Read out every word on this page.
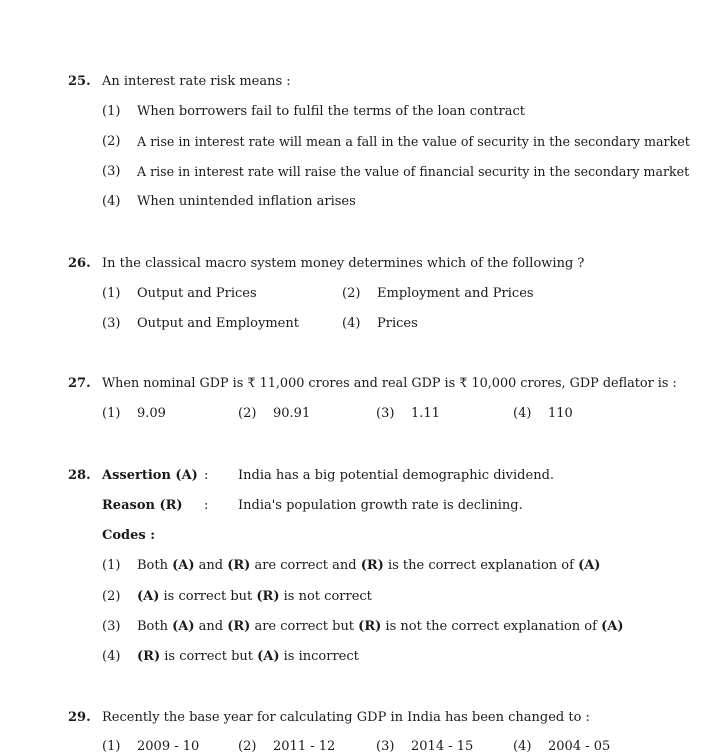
25. An interest rate risk means :
(1) When borrowers fail to fulfil the terms of the loan contract
(2) A rise in interest rate will mean a fall in the value of security in the secondary market
(3) A rise in interest rate will raise the value of financial security in the secondary market
(4) When unintended inflation arises
26. In the classical macro system money determines which of the following ?
(1) Output and Prices	(2) Employment and Prices
(3) Output and Employment	(4) Prices
27. When nominal GDP is ₹ 11,000 crores and real GDP is ₹ 10,000 crores, GDP deflator is :
(1) 9.09	(2) 90.91	(3) 1.11	(4) 110
28. Assertion (A) : India has a big potential demographic dividend.
Reason (R) : India's population growth rate is declining.
Codes :
(1) Both (A) and (R) are correct and (R) is the correct explanation of (A)
(2) (A) is correct but (R) is not correct
(3) Both (A) and (R) are correct but (R) is not the correct explanation of (A)
(4) (R) is correct but (A) is incorrect
29. Recently the base year for calculating GDP in India has been changed to :
(1) 2009 - 10	(2) 2011 - 12	(3) 2014 - 15	(4) 2004 - 05
